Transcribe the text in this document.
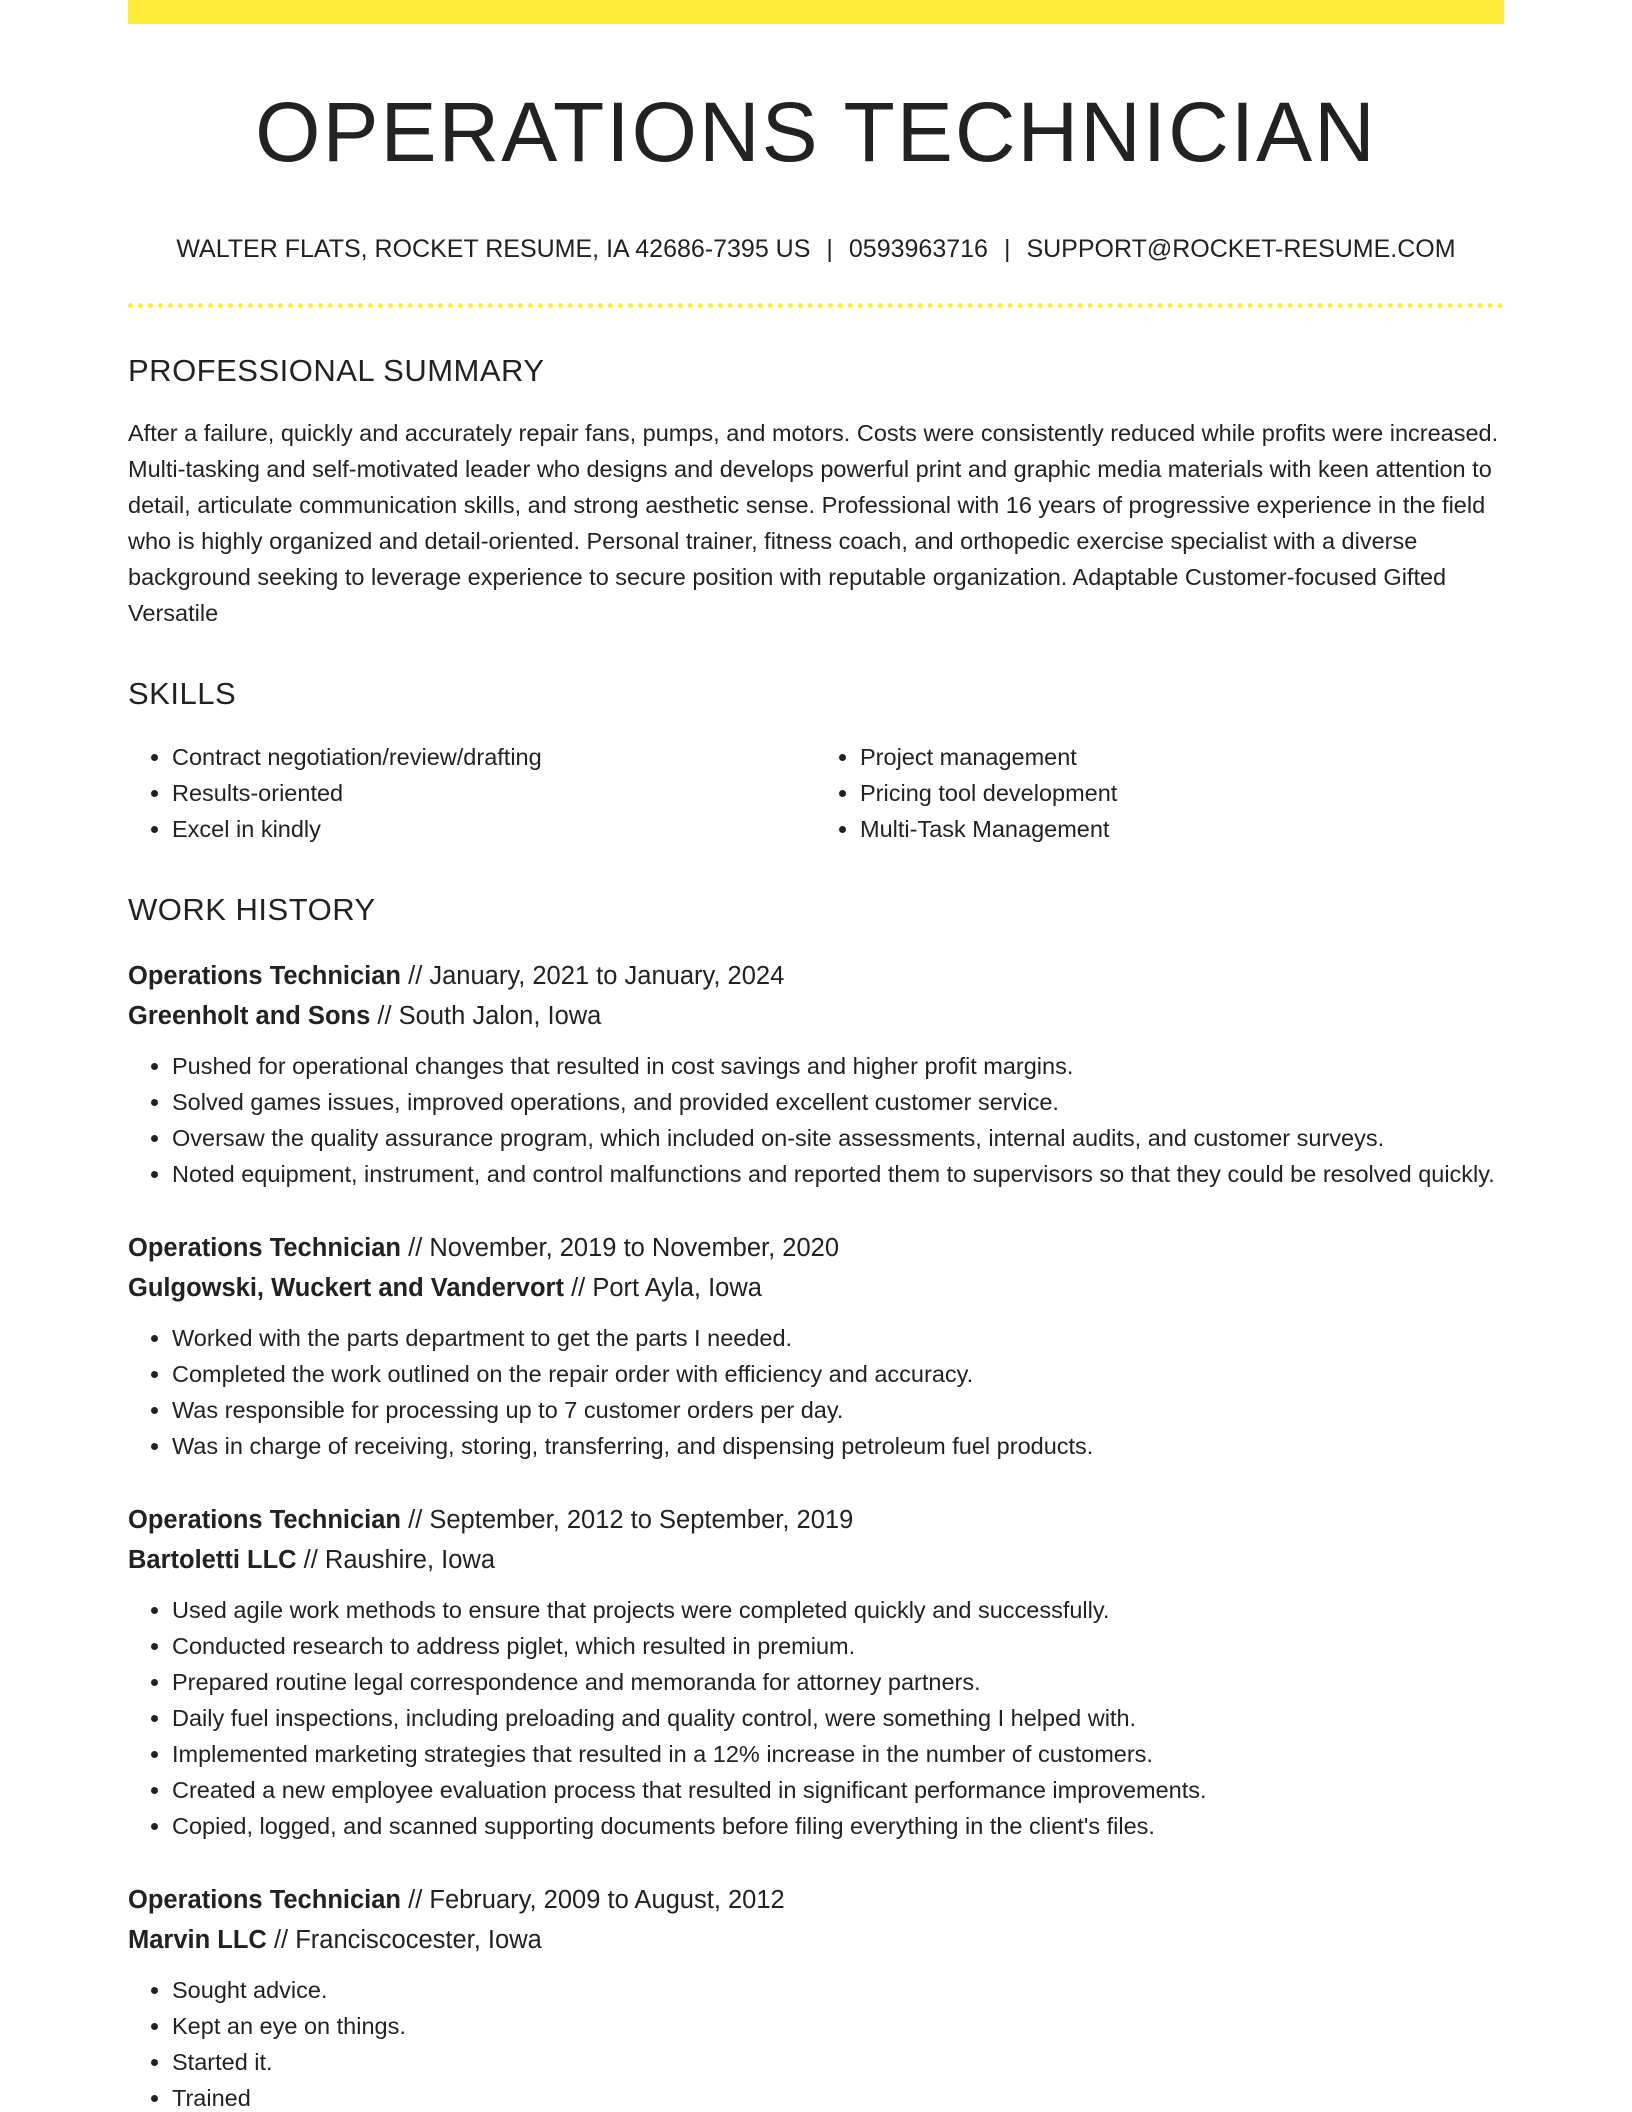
OPERATIONS TECHNICIAN
WALTER FLATS, ROCKET RESUME, IA 42686-7395 US | 0593963716 | SUPPORT@ROCKET-RESUME.COM
PROFESSIONAL SUMMARY
After a failure, quickly and accurately repair fans, pumps, and motors. Costs were consistently reduced while profits were increased. Multi-tasking and self-motivated leader who designs and develops powerful print and graphic media materials with keen attention to detail, articulate communication skills, and strong aesthetic sense. Professional with 16 years of progressive experience in the field who is highly organized and detail-oriented. Personal trainer, fitness coach, and orthopedic exercise specialist with a diverse background seeking to leverage experience to secure position with reputable organization. Adaptable Customer-focused Gifted Versatile
SKILLS
• Contract negotiation/review/drafting
• Results-oriented
• Excel in kindly
• Project management
• Pricing tool development
• Multi-Task Management
WORK HISTORY
Operations Technician // January, 2021 to January, 2024
Greenholt and Sons // South Jalon, Iowa
• Pushed for operational changes that resulted in cost savings and higher profit margins.
• Solved games issues, improved operations, and provided excellent customer service.
• Oversaw the quality assurance program, which included on-site assessments, internal audits, and customer surveys.
• Noted equipment, instrument, and control malfunctions and reported them to supervisors so that they could be resolved quickly.
Operations Technician // November, 2019 to November, 2020
Gulgowski, Wuckert and Vandervort // Port Ayla, Iowa
• Worked with the parts department to get the parts I needed.
• Completed the work outlined on the repair order with efficiency and accuracy.
• Was responsible for processing up to 7 customer orders per day.
• Was in charge of receiving, storing, transferring, and dispensing petroleum fuel products.
Operations Technician // September, 2012 to September, 2019
Bartoletti LLC // Raushire, Iowa
• Used agile work methods to ensure that projects were completed quickly and successfully.
• Conducted research to address piglet, which resulted in premium.
• Prepared routine legal correspondence and memoranda for attorney partners.
• Daily fuel inspections, including preloading and quality control, were something I helped with.
• Implemented marketing strategies that resulted in a 12% increase in the number of customers.
• Created a new employee evaluation process that resulted in significant performance improvements.
• Copied, logged, and scanned supporting documents before filing everything in the client's files.
Operations Technician // February, 2009 to August, 2012
Marvin LLC // Franciscocester, Iowa
• Sought advice.
• Kept an eye on things.
• Started it.
• Trained
